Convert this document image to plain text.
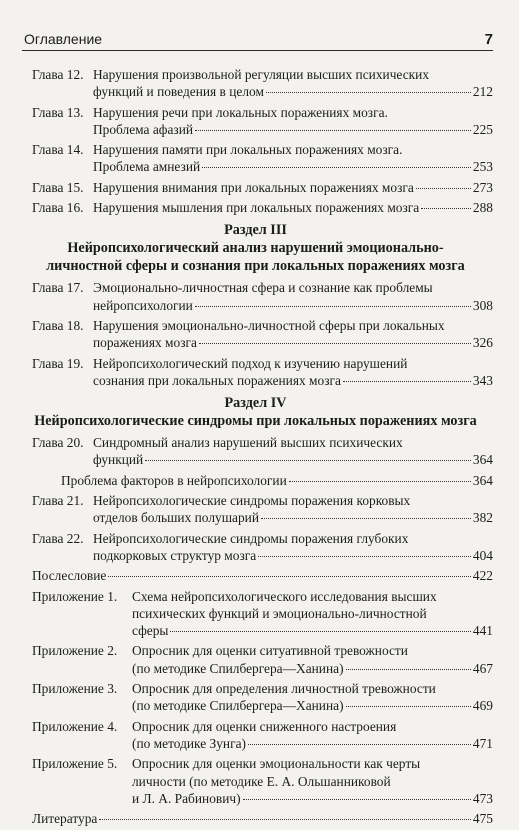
Оглавление	7
Глава 12. Нарушения произвольной регуляции высших психических
функций и поведения в целом	212
Глава 13. Нарушения речи при локальных поражениях мозга.
Проблема афазий	225
Глава 14. Нарушения памяти при локальных поражениях мозга.
Проблема амнезий	253
Глава 15. Нарушения внимания при локальных поражениях мозга	273
Глава 16. Нарушения мышления при локальных поражениях мозга	288
Раздел III
Нейропсихологический анализ нарушений эмоционально-
личностной сферы и сознания при локальных поражениях мозга
Глава 17. Эмоционально-личностная сфера и сознание как проблемы
нейропсихологии	308
Глава 18. Нарушения эмоционально-личностной сферы при локальных
поражениях мозга	326
Глава 19. Нейропсихологический подход к изучению нарушений
сознания при локальных поражениях мозга	343
Раздел IV
Нейропсихологические синдромы при локальных поражениях мозга
Глава 20. Синдромный анализ нарушений высших психических
функций	364
Проблема факторов в нейропсихологии	364
Глава 21. Нейропсихологические синдромы поражения корковых
отделов больших полушарий	382
Глава 22. Нейропсихологические синдромы поражения глубоких
подкорковых структур мозга	404
Послесловие	422
Приложение 1.	Схема нейропсихологического исследования высших
психических функций и эмоционально-личностной
сферы	441
Приложение 2.	Опросник для оценки ситуативной тревожности
(по методике Спилбергера—Ханина)	467
Приложение 3.	Опросник для определения личностной тревожности
(по методике Спилбергера—Ханина)	469
Приложение 4.	Опросник для оценки сниженного настроения
(по методике Зунга)	471
Приложение 5.	Опросник для оценки эмоциональности как черты
личности (по методике Е. А. Ольшанниковой
и Л. А. Рабинович)	473
Литература	475
